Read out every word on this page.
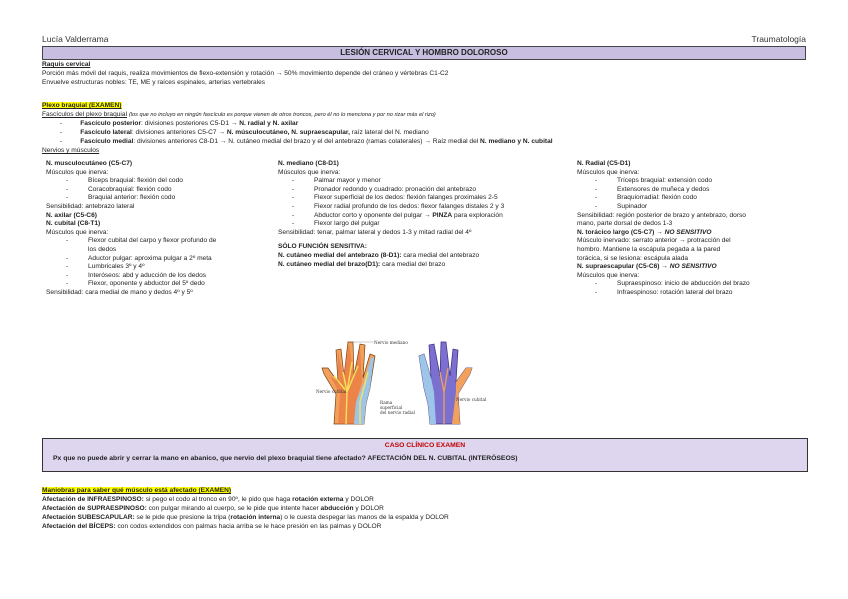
Lucía Valderrama	Traumatología
LESIÓN CERVICAL Y HOMBRO DOLOROSO
Raquis cervical
Porción más móvil del raquis, realiza movimientos de flexo-extensión y rotación → 50% movimiento depende del cráneo y vértebras C1-C2
Envuelve estructuras nobles: TE, ME y raíces espinales, arterias vertebrales
Plexo braquial (EXAMEN)
Fascículos del plexo braquial (los que no incluyo en ningún fascículo es porque vienen de otros troncos, pero él no lo menciona y por no rizar más el rizo)
-	Fascículo posterior: divisiones posteriores C5-D1 → N. radial y N. axilar
-	Fascículo lateral: divisiones anteriores C5-C7 → N. músculocutáneo, N. supraescapular, raíz lateral del N. mediano
-	Fascículo medial: divisiones anteriores C8-D1 → N. cutáneo medial del brazo y el del antebrazo (ramas colaterales) → Raíz medial del N. mediano y N. cubital
Nervios y músculos
N. musculocutáneo (C5-C7)
Músculos que inerva:
-	Bíceps braquial: flexión del codo
-	Coracobraquial: flexión codo
-	Braquial anterior: flexión codo
Sensibilidad: antebrazo lateral
N. axilar (C5-C6)
N. cubital (C8-T1)
Músculos que inerva:
-	Flexor cubital del carpo y flexor profundo de
los dedos
-	Aductor pulgar: aproxima pulgar a 2º meta
-	Lumbricales 3º y 4º
-	Interóseos: abd y aducción de los dedos
-	Flexor, oponente y abductor del 5º dedo
Sensibilidad: cara medial de mano y dedos 4º y 5º
N. mediano (C8-D1)
Músculos que inerva:
-	Palmar mayor y menor
-	Pronador redondo y cuadrado: pronación del antebrazo
-	Flexor superficial de los dedos: flexión falanges proximales 2-5
-	Flexor radial profundo de los dedos: flexor falanges distales 2 y 3
-	Abductor corto y oponente del pulgar → PINZA para exploración
-	Flexor largo del pulgar
Sensibilidad: tenar, palmar lateral y dedos 1-3 y mitad radial del 4º
SÓLO FUNCIÓN SENSITIVA:
N. cutáneo medial del antebrazo (8-D1): cara medial del antebrazo
N. cutáneo medial del brazo(D1): cara medial del brazo
Nervio mediano
Nervio cubital
Rama
superficial
del nervio radial
Nervio cubital
N. Radial (C5-D1)
Músculos que inerva:
-	Tríceps braquial: extensión codo
-	Extensores de muñeca y dedos
-	Braquiorradial: flexión codo
-	Supinador
Sensibilidad: región posterior de brazo y antebrazo, dorso
mano, parte dorsal de dedos 1-3
N. torácico largo (C5-C7) → NO SENSITIVO
Músculo inervado: serrato anterior → protracción del
hombro. Mantiene la escápula pegada a la pared
torácica, si se lesiona: escápula alada
N. supraescapular (C5-C6) → NO SENSITIVO
Músculos que inerva:
-	Supraespinoso: inicio de abducción del brazo
-	Infraespinoso: rotación lateral del brazo
CASO CLÍNICO EXAMEN
Px que no puede abrir y cerrar la mano en abanico, que nervio del plexo braquial tiene afectado? AFECTACIÓN DEL N. CUBITAL (INTERÓSEOS)
Maniobras para saber qué músculo está afectado (EXAMEN)
Afectación de INFRAESPINOSO: si pego el codo al tronco en 90º, le pido que haga rotación externa y DOLOR
Afectación de SUPRAESPINOSO: con pulgar mirando al cuerpo, se le pide que intente hacer abducción y DOLOR
Afectación SUBESCAPULAR: se le pide que presione la tripa (rotación interna) o le cuesta despegar las manos de la espalda y DOLOR
Afectación del BÍCEPS: con codos extendidos con palmas hacia arriba se le hace presión en las palmas y DOLOR
